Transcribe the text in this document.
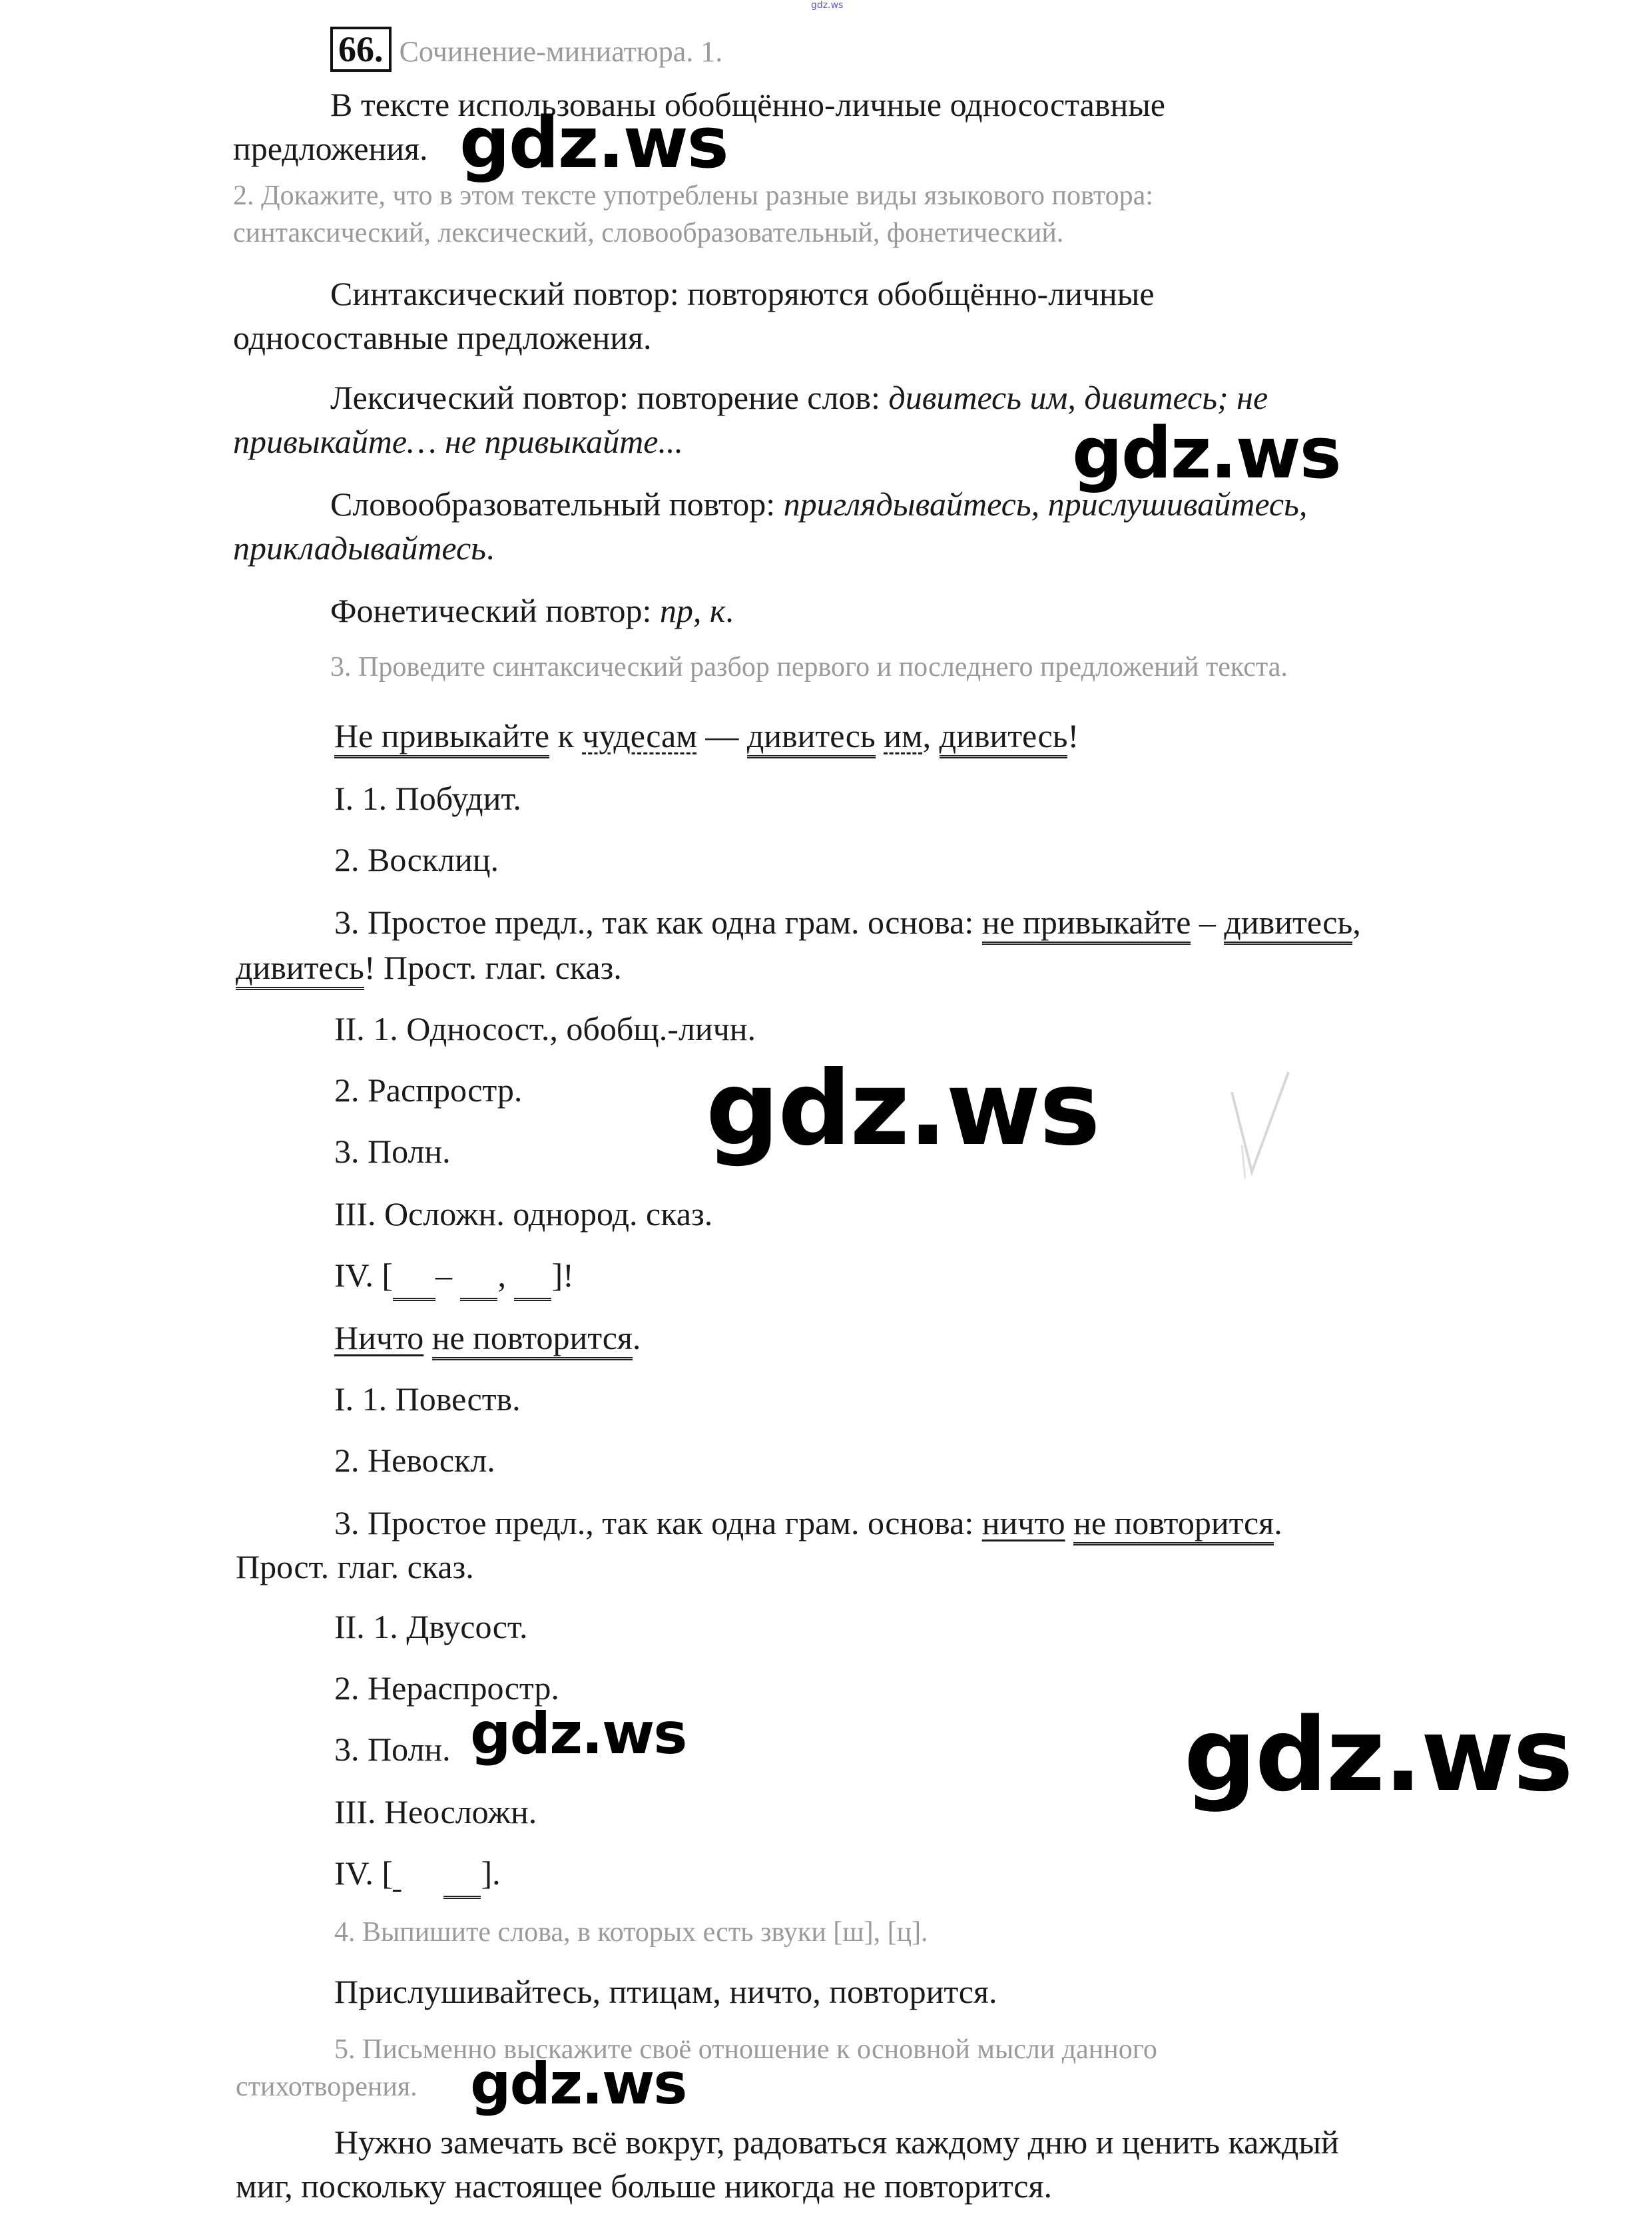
gdz.ws
66. Сочинение-миниатюра. 1.
В тексте использованы обобщённо-личные односоставные
предложения.
2. Докажите, что в этом тексте употреблены разные виды языкового повтора:
синтаксический, лексический, словообразовательный, фонетический.
Синтаксический повтор: повторяются обобщённо-личные
односоставные предложения.
Лексический повтор: повторение слов: дивитесь им, дивитесь; не
привыкайте… не привыкайте...
Словообразовательный повтор: приглядывайтесь, прислушивайтесь,
прикладывайтесь.
Фонетический повтор: пр, к.
3. Проведите синтаксический разбор первого и последнего предложений текста.
Не привыкайте к чудесам — дивитесь им, дивитесь!
I. 1. Побудит.
2. Восклиц.
3. Простое предл., так как одна грам. основа: не привыкайте – дивитесь,
дивитесь! Прост. глаг. сказ.
II. 1. Односост., обобщ.-личн.
2. Распростр.
3. Полн.
III. Осложн. однород. сказ.
IV. [ –  ,  ]!
Ничто не повторится.
I. 1. Повеств.
2. Невоскл.
3. Простое предл., так как одна грам. основа: ничто не повторится.
Прост. глаг. сказ.
II. 1. Двусост.
2. Нераспростр.
3. Полн.
III. Неосложн.
IV. [	].
4. Выпишите слова, в которых есть звуки [ш], [ц].
Прислушивайтесь, птицам, ничто, повторится.
5. Письменно выскажите своё отношение к основной мысли данного
стихотворения.
Нужно замечать всё вокруг, радоваться каждому дню и ценить каждый
миг, поскольку настоящее больше никогда не повторится.
gdz.ws
gdz.ws
gdz.ws
gdz.ws	gdz.ws
gdz.ws
